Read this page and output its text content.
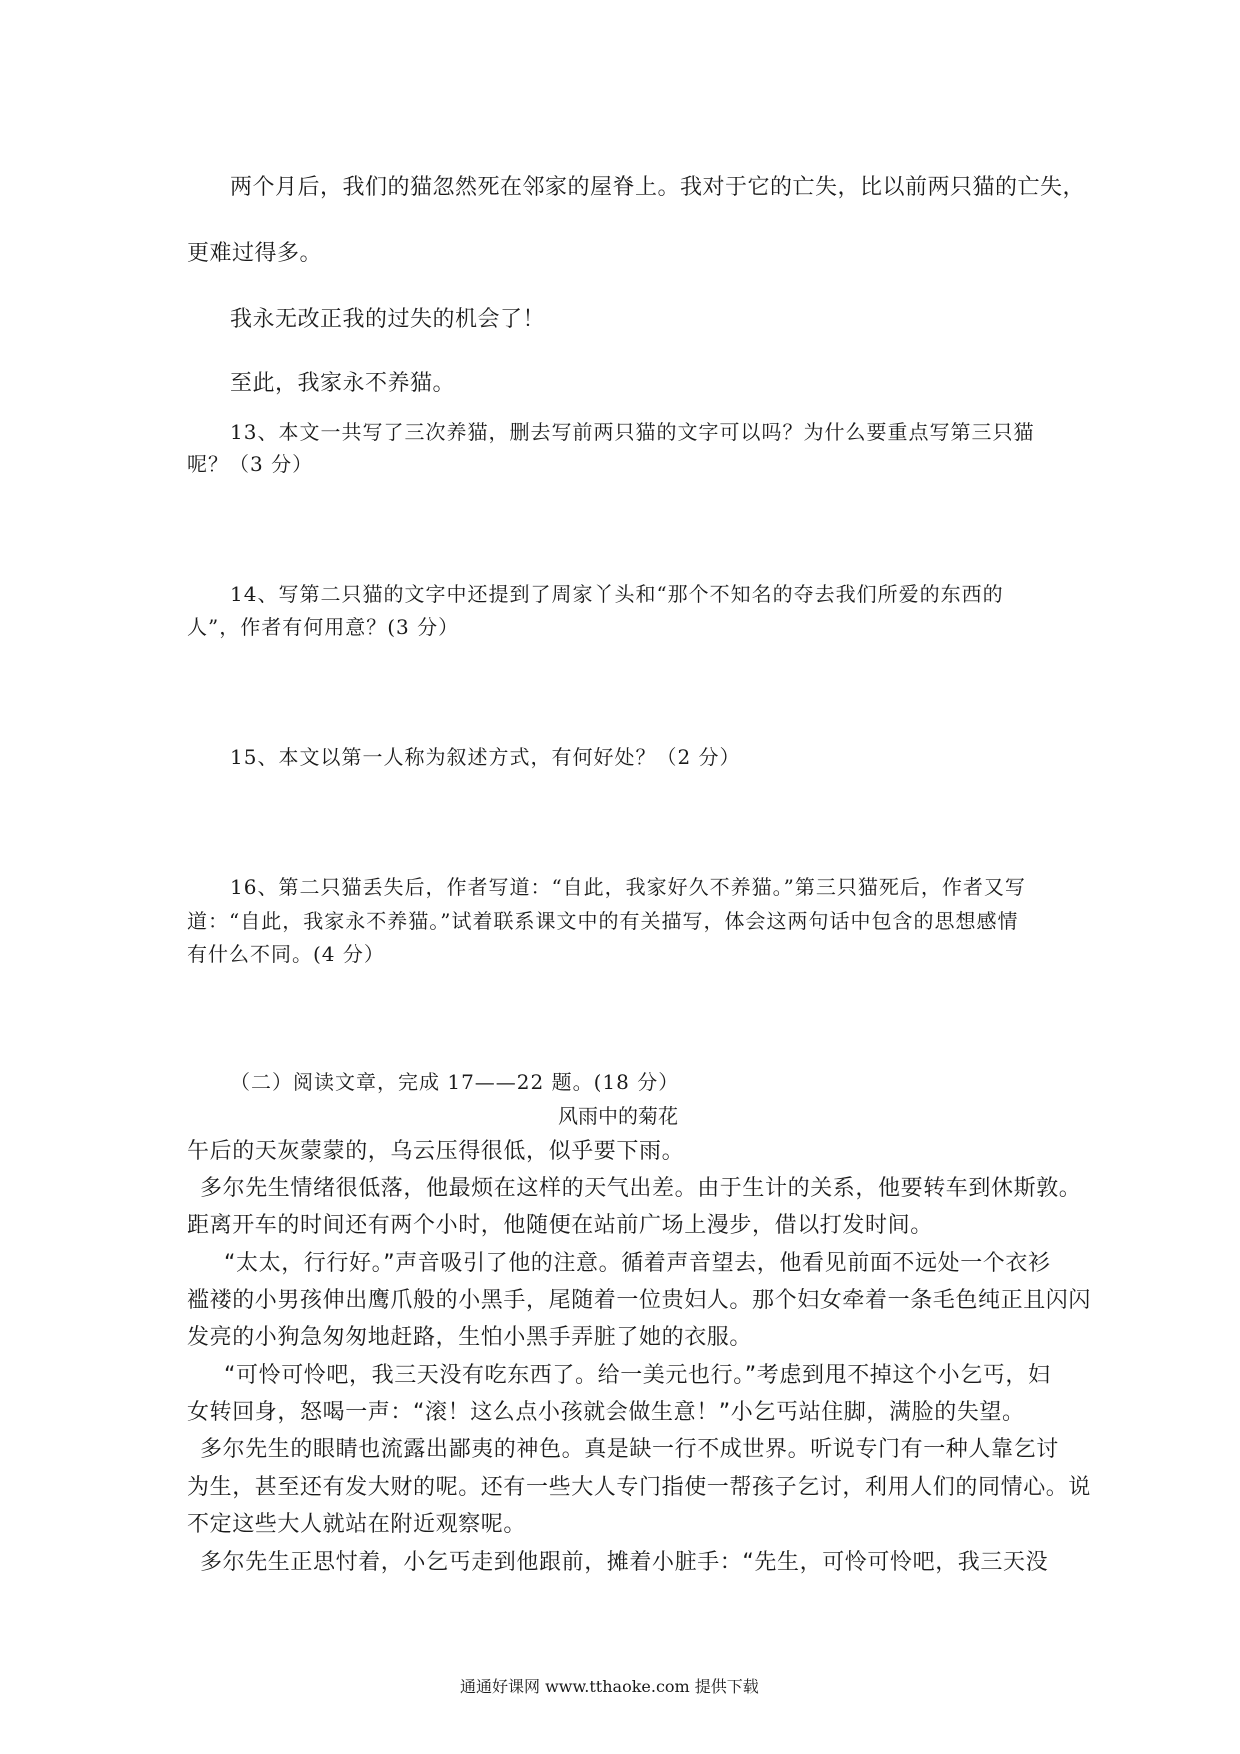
两个月后，我们的猫忽然死在邻家的屋脊上。我对于它的亡失，比以前两只猫的亡失，
更难过得多。
我永无改正我的过失的机会了！
至此，我家永不养猫。
13、本文一共写了三次养猫，删去写前两只猫的文字可以吗？为什么要重点写第三只猫
呢？（3 分）
14、写第二只猫的文字中还提到了周家丫头和“那个不知名的夺去我们所爱的东西的
人”，作者有何用意？(3 分）
15、本文以第一人称为叙述方式，有何好处？（2 分）
16、第二只猫丢失后，作者写道：“自此，我家好久不养猫。”第三只猫死后，作者又写
道：“自此，我家永不养猫。”试着联系课文中的有关描写，体会这两句话中包含的思想感情
有什么不同。(4 分）
（二）阅读文章，完成 17——22 题。(18 分）
风雨中的菊花
午后的天灰蒙蒙的，乌云压得很低，似乎要下雨。
多尔先生情绪很低落，他最烦在这样的天气出差。由于生计的关系，他要转车到休斯敦。
距离开车的时间还有两个小时，他随便在站前广场上漫步，借以打发时间。
“太太，行行好。”声音吸引了他的注意。循着声音望去，他看见前面不远处一个衣衫
褴褛的小男孩伸出鹰爪般的小黑手，尾随着一位贵妇人。那个妇女牵着一条毛色纯正且闪闪
发亮的小狗急匆匆地赶路，生怕小黑手弄脏了她的衣服。
“可怜可怜吧，我三天没有吃东西了。给一美元也行。”考虑到甩不掉这个小乞丐，妇
女转回身，怒喝一声：“滚！这么点小孩就会做生意！”小乞丐站住脚，满脸的失望。
多尔先生的眼睛也流露出鄙夷的神色。真是缺一行不成世界。听说专门有一种人靠乞讨
为生，甚至还有发大财的呢。还有一些大人专门指使一帮孩子乞讨，利用人们的同情心。说
不定这些大人就站在附近观察呢。
多尔先生正思忖着，小乞丐走到他跟前，摊着小脏手：“先生，可怜可怜吧，我三天没
通通好课网 www.tthaoke.com 提供下载
